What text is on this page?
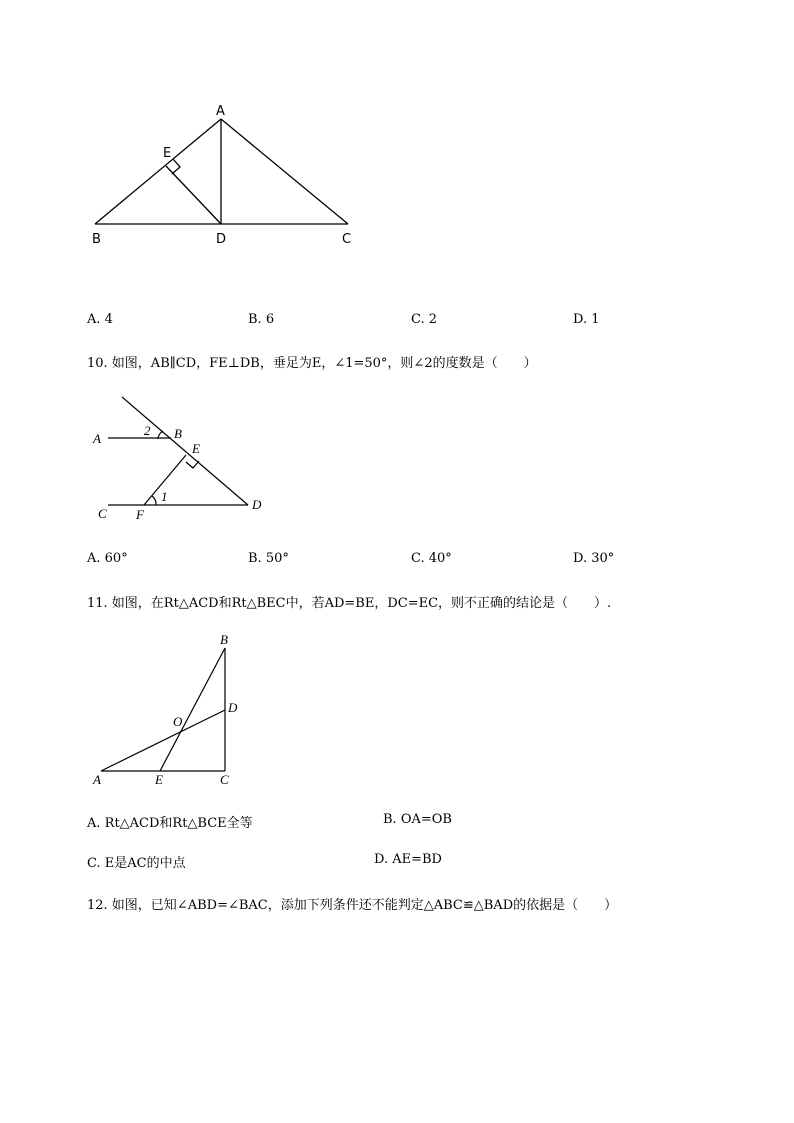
A
E
B	D	C
A. 4	B. 6	C. 2	D. 1
10. 如图，AB∥CD，FE⊥DB，垂足为E，∠1=50°，则∠2的度数是（　　）
A
2 B
E
1
D
C F
A. 60°	B. 50°	C. 40°	D. 30°
11. 如图，在Rt△ACD和Rt△BEC中，若AD=BE，DC=EC，则不正确的结论是（　　）.
B
D
O
A	E	C
A. Rt△ACD和Rt△BCE全等	B. OA=OB
C. E是AC的中点	D. AE=BD
12. 如图，已知∠ABD=∠BAC，添加下列条件还不能判定△ABC≌△BAD的依据是（　　）
